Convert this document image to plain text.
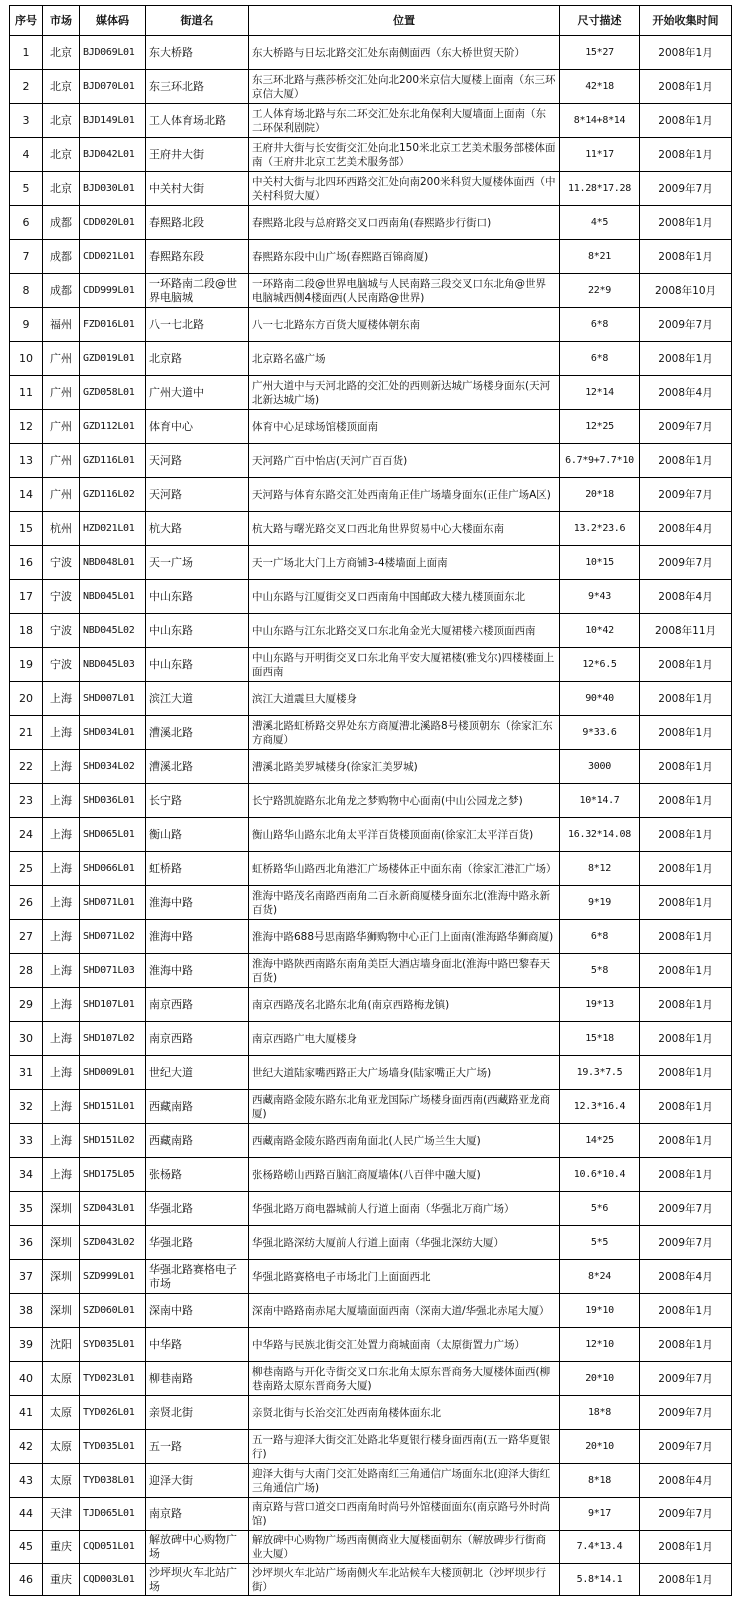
序号	市场	媒体码	街道名	位置	尺寸描述	开始收集时间
1	北京	BJD069L01	东大桥路	东大桥路与日坛北路交汇处东南侧面西（东大桥世贸天阶）	15*27	2008年1月
2	北京	BJD070L01	东三环北路	东三环北路与燕莎桥交汇处向北200米京信大厦楼上面南（东三环京信大厦）	42*18	2008年1月
3	北京	BJD149L01	工人体育场北路	工人体育场北路与东二环交汇处东北角保利大厦墙面上面南（东二环保利剧院）	8*14+8*14	2008年1月
4	北京	BJD042L01	王府井大街	王府井大街与长安街交汇处向北150米北京工艺美术服务部楼体面南（王府井北京工艺美术服务部）	11*17	2008年1月
5	北京	BJD030L01	中关村大街	中关村大街与北四环西路交汇处向南200米科贸大厦楼体面西（中关村科贸大厦）	11.28*17.28	2009年7月
6	成都	CDD020L01	春熙路北段	春熙路北段与总府路交叉口西南角(春熙路步行街口)	4*5	2008年1月
7	成都	CDD021L01	春熙路东段	春熙路东段中山广场(春熙路百锦商厦)	8*21	2008年1月
8	成都	CDD999L01	一环路南二段@世界电脑城	一环路南二段@世界电脑城与人民南路三段交叉口东北角@世界电脑城西侧4楼面西(人民南路@世界)	22*9	2008年10月
9	福州	FZD016L01	八一七北路	八一七北路东方百货大厦楼体朝东南	6*8	2009年7月
10	广州	GZD019L01	北京路	北京路名盛广场	6*8	2008年1月
11	广州	GZD058L01	广州大道中	广州大道中与天河北路的交汇处的西则新达城广场楼身面东(天河北新达城广场)	12*14	2008年4月
12	广州	GZD112L01	体育中心	体育中心足球场馆楼顶面南	12*25	2009年7月
13	广州	GZD116L01	天河路	天河路广百中怡店(天河广百百货)	6.7*9+7.7*10	2008年1月
14	广州	GZD116L02	天河路	天河路与体育东路交汇处西南角正佳广场墙身面东(正佳广场A区)	20*18	2009年7月
15	杭州	HZD021L01	杭大路	杭大路与曙光路交叉口西北角世界贸易中心大楼面东南	13.2*23.6	2008年4月
16	宁波	NBD048L01	天一广场	天一广场北大门上方商铺3-4楼墙面上面南	10*15	2009年7月
17	宁波	NBD045L01	中山东路	中山东路与江厦街交叉口西南角中国邮政大楼九楼顶面东北	9*43	2008年4月
18	宁波	NBD045L02	中山东路	中山东路与江东北路交叉口东北角金光大厦裙楼六楼顶面西南	10*42	2008年11月
19	宁波	NBD045L03	中山东路	中山东路与开明街交叉口东北角平安大厦裙楼(雅戈尔)四楼楼面上面西南	12*6.5	2008年1月
20	上海	SHD007L01	滨江大道	滨江大道震旦大厦楼身	90*40	2008年1月
21	上海	SHD034L01	漕溪北路	漕溪北路虹桥路交界处东方商厦漕北溪路8号楼顶朝东（徐家汇东方商厦）	9*33.6	2008年1月
22	上海	SHD034L02	漕溪北路	漕溪北路美罗城楼身(徐家汇美罗城)	3000	2008年1月
23	上海	SHD036L01	长宁路	长宁路凯旋路东北角龙之梦购物中心面南(中山公园龙之梦)	10*14.7	2008年1月
24	上海	SHD065L01	衡山路	衡山路华山路东北角太平洋百货楼顶面南(徐家汇太平洋百货)	16.32*14.08	2008年1月
25	上海	SHD066L01	虹桥路	虹桥路华山路西北角港汇广场楼体正中面东南（徐家汇港汇广场）	8*12	2008年1月
26	上海	SHD071L01	淮海中路	淮海中路茂名南路西南角二百永新商厦楼身面东北(淮海中路永新百货)	9*19	2008年1月
27	上海	SHD071L02	淮海中路	淮海中路688号思南路华狮购物中心正门上面南(淮海路华狮商厦)	6*8	2008年1月
28	上海	SHD071L03	淮海中路	淮海中路陕西南路东南角美臣大酒店墙身面北(淮海中路巴黎春天百货)	5*8	2008年1月
29	上海	SHD107L01	南京西路	南京西路茂名北路东北角(南京西路梅龙镇)	19*13	2008年1月
30	上海	SHD107L02	南京西路	南京西路广电大厦楼身	15*18	2008年1月
31	上海	SHD009L01	世纪大道	世纪大道陆家嘴西路正大广场墙身(陆家嘴正大广场)	19.3*7.5	2008年1月
32	上海	SHD151L01	西藏南路	西藏南路金陵东路东北角亚龙国际广场楼身面西南(西藏路亚龙商厦)	12.3*16.4	2008年1月
33	上海	SHD151L02	西藏南路	西藏南路金陵东路西南角面北(人民广场兰生大厦)	14*25	2008年1月
34	上海	SHD175L05	张杨路	张杨路崂山西路百脑汇商厦墙体(八百伴中融大厦)	10.6*10.4	2008年1月
35	深圳	SZD043L01	华强北路	华强北路万商电器城前人行道上面南（华强北万商广场）	5*6	2009年7月
36	深圳	SZD043L02	华强北路	华强北路深纺大厦前人行道上面南（华强北深纺大厦）	5*5	2009年7月
37	深圳	SZD999L01	华强北路赛格电子市场	华强北路赛格电子市场北门上面面西北	8*24	2008年4月
38	深圳	SZD060L01	深南中路	深南中路路南赤尾大厦墙面面西南（深南大道/华强北赤尾大厦）	19*10	2008年1月
39	沈阳	SYD035L01	中华路	中华路与民族北街交汇处置力商城面南（太原街置力广场）	12*10	2008年1月
40	太原	TYD023L01	柳巷南路	柳巷南路与开化寺街交叉口东北角太原东晋商务大厦楼体面西(柳巷南路太原东晋商务大厦)	20*10	2009年7月
41	太原	TYD026L01	亲贤北街	亲贤北街与长治交汇处西南角楼体面东北	18*8	2009年7月
42	太原	TYD035L01	五一路	五一路与迎泽大街交汇处路北华夏银行楼身面西南(五一路华夏银行)	20*10	2009年7月
43	太原	TYD038L01	迎泽大街	迎泽大街与大南门交汇处路南红三角通信广场面东北(迎泽大街红三角通信广场)	8*18	2008年4月
44	天津	TJD065L01	南京路	南京路与营口道交口西南角时尚号外馆楼面面东(南京路号外时尚馆)	9*17	2009年7月
45	重庆	CQD051L01	解放碑中心购物广场	解放碑中心购物广场西南侧商业大厦楼面朝东（解放碑步行街商业大厦）	7.4*13.4	2008年1月
46	重庆	CQD003L01	沙坪坝火车北站广场	沙坪坝火车北站广场南侧火车北站候车大楼顶朝北（沙坪坝步行街）	5.8*14.1	2008年1月
